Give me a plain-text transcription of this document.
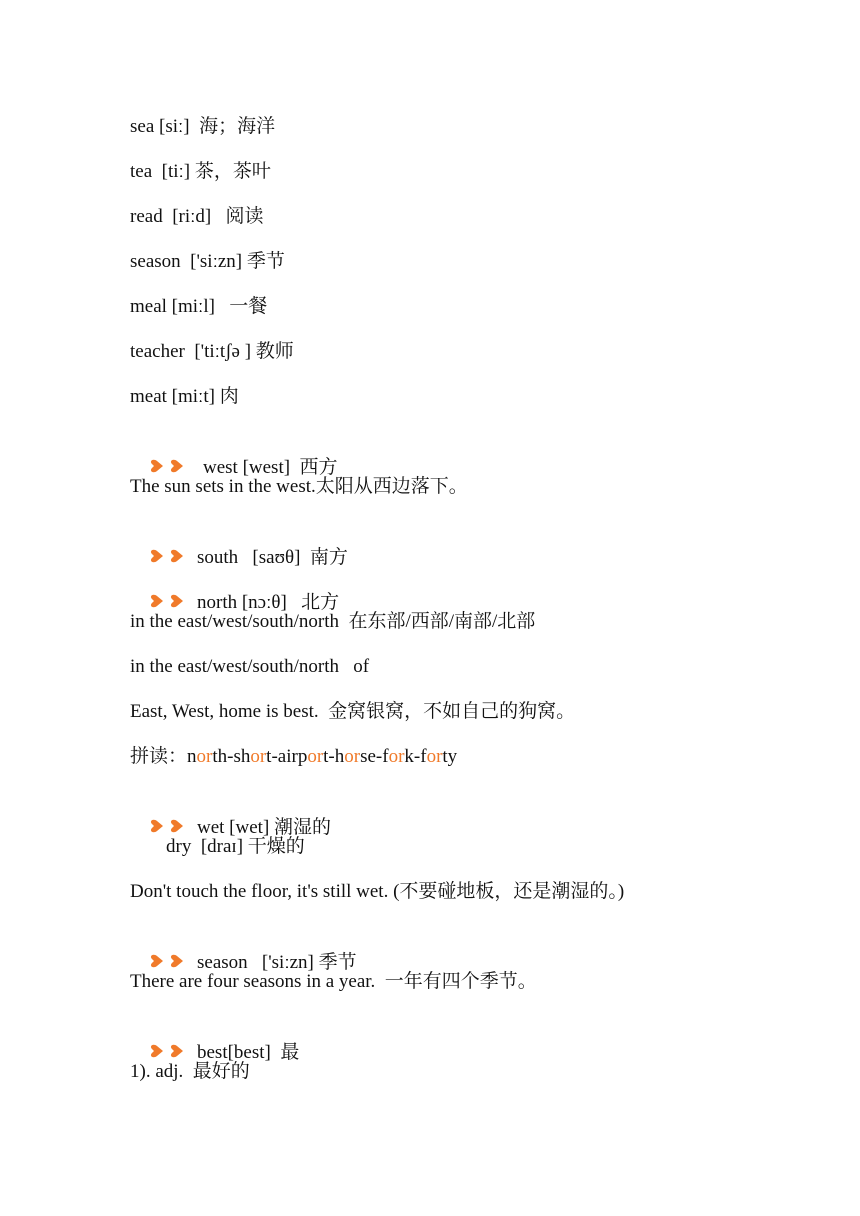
sea [siː]  海；海洋
tea  [tiː] 茶，茶叶
read  [riːd]   阅读
season  ['siːzn] 季节
meal [miːl]   一餐
teacher  ['tiːtʃə ] 教师
meat [miːt] 肉

west [west]  西方

The sun sets in the west.太阳从西边落下。

south   [saʊθ]  南方

north [nɔːθ]   北方

in the east/west/south/north  在东部/西部/南部/北部
in the east/west/south/north   of
East, West, home is best.  金窝银窝，不如自己的狗窝。
拼读：north-short-airport-horse-fork-forty

wet [wet] 潮湿的

dry  [draɪ] 干燥的
Don't touch the floor, it's still wet. (不要碰地板，还是潮湿的。)

season   ['siːzn] 季节

There are four seasons in a year.  一年有四个季节。

best[best]  最

1). adj.  最好的
